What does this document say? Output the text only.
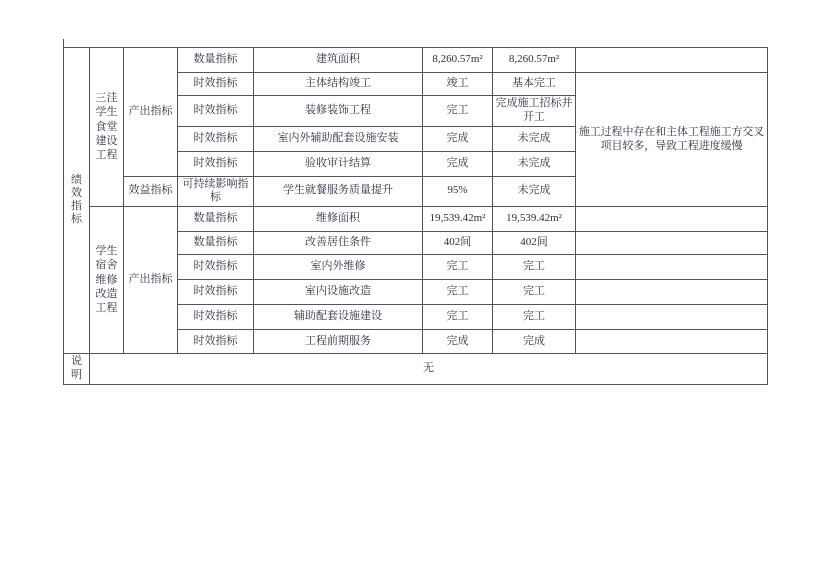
绩效指标	三洼学生食堂建设工程	产出指标	数量指标	建筑面积	8,260.57m²	8,260.57m²	
			时效指标	主体结构竣工	竣工	基本完工	施工过程中存在和主体工程施工方交叉项目较多，导致工程进度缓慢
			时效指标	装修装饰工程	完工	完成施工招标并开工	
			时效指标	室内外辅助配套设施安装	完成	未完成	
			时效指标	验收审计结算	完成	未完成	
		效益指标	可持续影响指标	学生就餐服务质量提升	95%	未完成	
	学生宿舍维修改造工程	产出指标	数量指标	维修面积	19,539.42m²	19,539.42m²	
			数量指标	改善居住条件	402间	402间	
			时效指标	室内外维修	完工	完工	
			时效指标	室内设施改造	完工	完工	
			时效指标	辅助配套设施建设	完工	完工	
			时效指标	工程前期服务	完成	完成	
说明	无						
